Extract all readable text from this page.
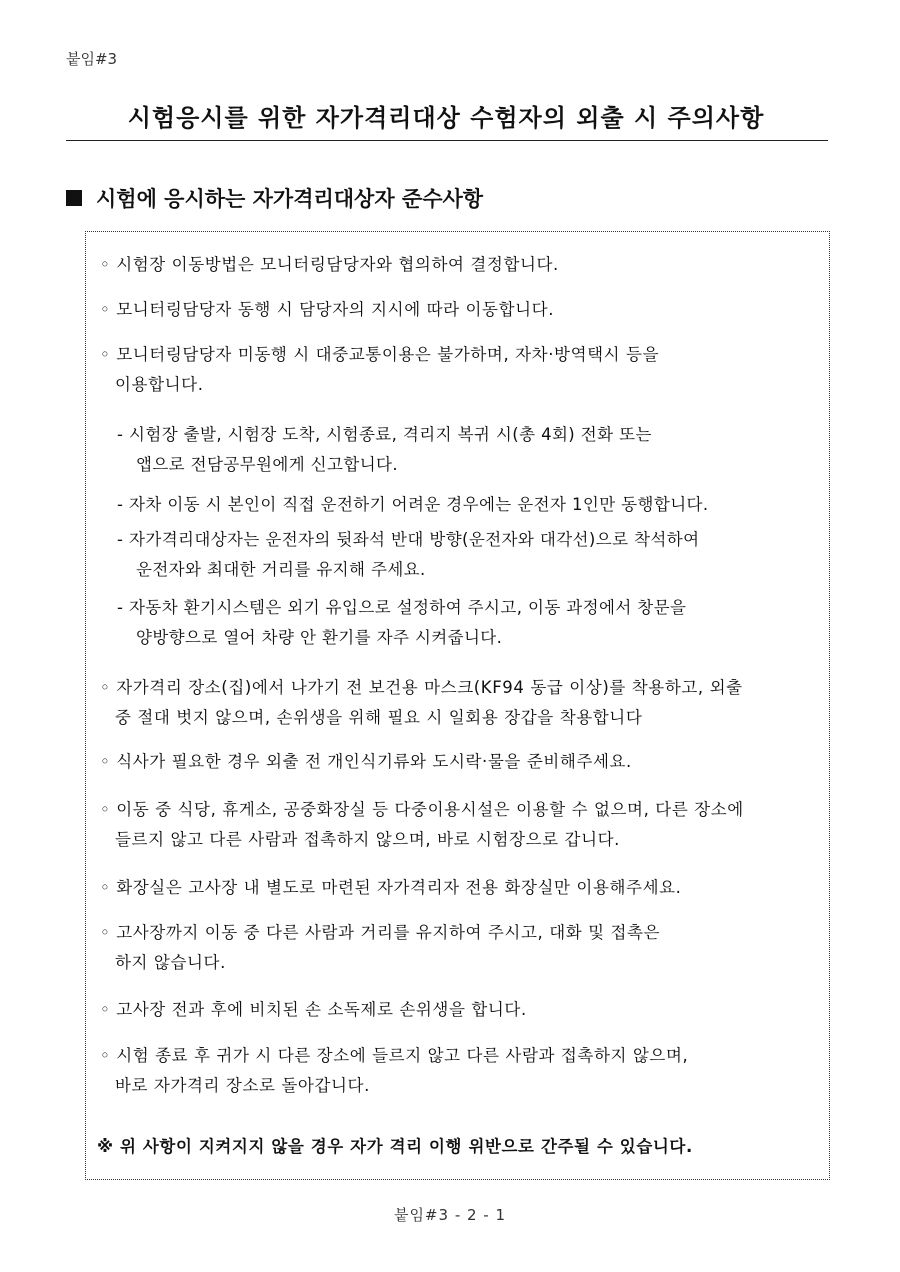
붙임#3
시험응시를 위한 자가격리대상 수험자의 외출 시 주의사항
시험에 응시하는 자가격리대상자 준수사항
◦ 시험장 이동방법은 모니터링담당자와 협의하여 결정합니다.
◦ 모니터링담당자 동행 시 담당자의 지시에 따라 이동합니다.
◦ 모니터링담당자 미동행 시 대중교통이용은 불가하며, 자차·방역택시 등을
이용합니다.
- 시험장 출발, 시험장 도착, 시험종료, 격리지 복귀 시(총 4회) 전화 또는
앱으로 전담공무원에게 신고합니다.
- 자차 이동 시 본인이 직접 운전하기 어려운 경우에는 운전자 1인만 동행합니다.
- 자가격리대상자는 운전자의 뒷좌석 반대 방향(운전자와 대각선)으로 착석하여
운전자와 최대한 거리를 유지해 주세요.
- 자동차 환기시스템은 외기 유입으로 설정하여 주시고, 이동 과정에서 창문을
양방향으로 열어 차량 안 환기를 자주 시켜줍니다.
◦ 자가격리 장소(집)에서 나가기 전 보건용 마스크(KF94 동급 이상)를 착용하고, 외출
중 절대 벗지 않으며, 손위생을 위해 필요 시 일회용 장갑을 착용합니다
◦ 식사가 필요한 경우 외출 전 개인식기류와 도시락·물을 준비해주세요.
◦ 이동 중 식당, 휴게소, 공중화장실 등 다중이용시설은 이용할 수 없으며, 다른 장소에
들르지 않고 다른 사람과 접촉하지 않으며, 바로 시험장으로 갑니다.
◦ 화장실은 고사장 내 별도로 마련된 자가격리자 전용 화장실만 이용해주세요.
◦ 고사장까지 이동 중 다른 사람과 거리를 유지하여 주시고, 대화 및 접촉은
하지 않습니다.
◦ 고사장 전과 후에 비치된 손 소독제로 손위생을 합니다.
◦ 시험 종료 후 귀가 시 다른 장소에 들르지 않고 다른 사람과 접촉하지 않으며,
바로 자가격리 장소로 돌아갑니다.
※ 위 사항이 지켜지지 않을 경우 자가 격리 이행 위반으로 간주될 수 있습니다.
붙임#3 - 2 - 1
